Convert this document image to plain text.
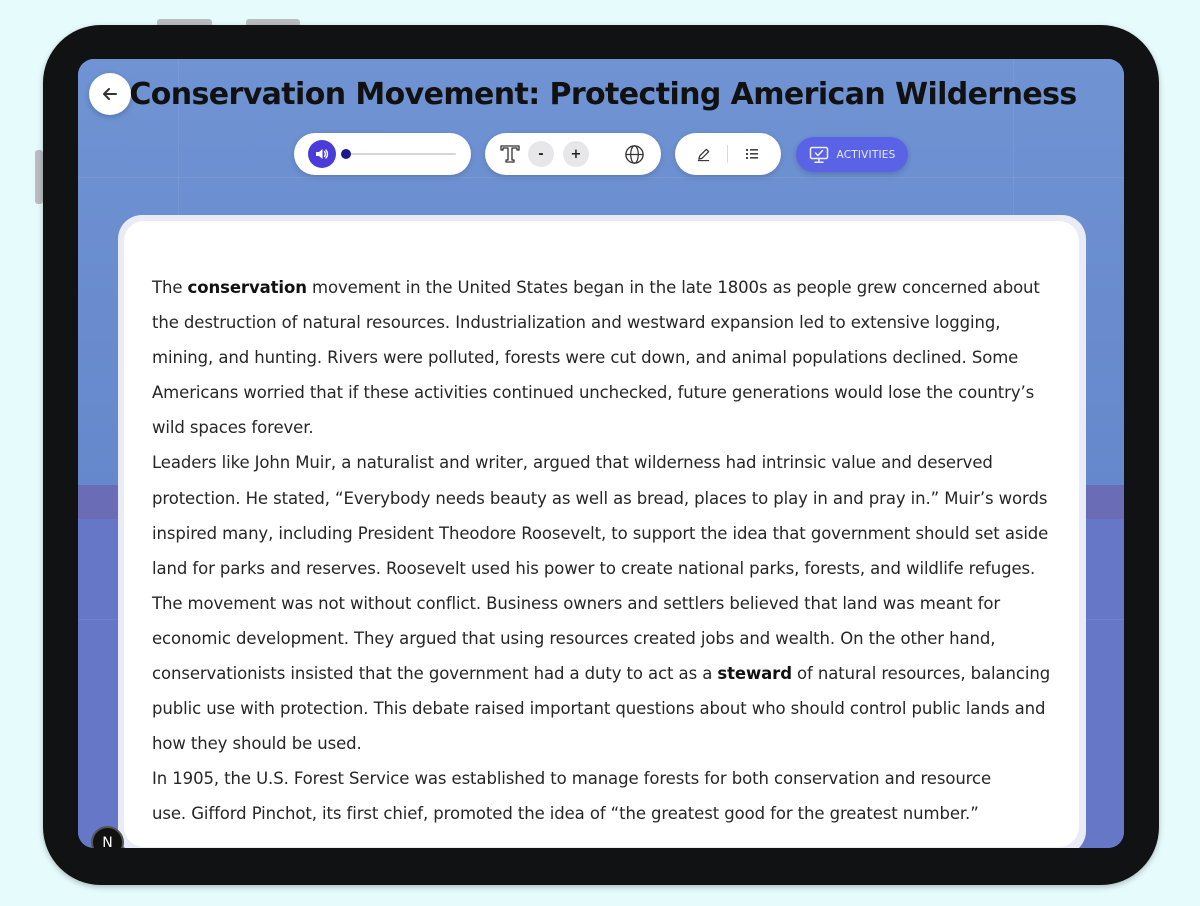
Conservation Movement: Protecting American Wilderness
-	+	ACTIVITIES

The conservation movement in the United States began in the late 1800s as people grew concerned about the destruction of natural resources. Industrialization and westward expansion led to extensive logging, mining, and hunting. Rivers were polluted, forests were cut down, and animal populations declined. Some Americans worried that if these activities continued unchecked, future generations would lose the country’s wild spaces forever.

Leaders like John Muir, a naturalist and writer, argued that wilderness had intrinsic value and deserved protection. He stated, “Everybody needs beauty as well as bread, places to play in and pray in.” Muir’s words inspired many, including President Theodore Roosevelt, to support the idea that government should set aside land for parks and reserves. Roosevelt used his power to create national parks, forests, and wildlife refuges.

The movement was not without conflict. Business owners and settlers believed that land was meant for economic development. They argued that using resources created jobs and wealth. On the other hand, conservationists insisted that the government had a duty to act as a steward of natural resources, balancing public use with protection. This debate raised important questions about who should control public lands and how they should be used.

In 1905, the U.S. Forest Service was established to manage forests for both conservation and resource

use. Gifford Pinchot, its first chief, promoted the idea of “the greatest good for the greatest number.”

N
